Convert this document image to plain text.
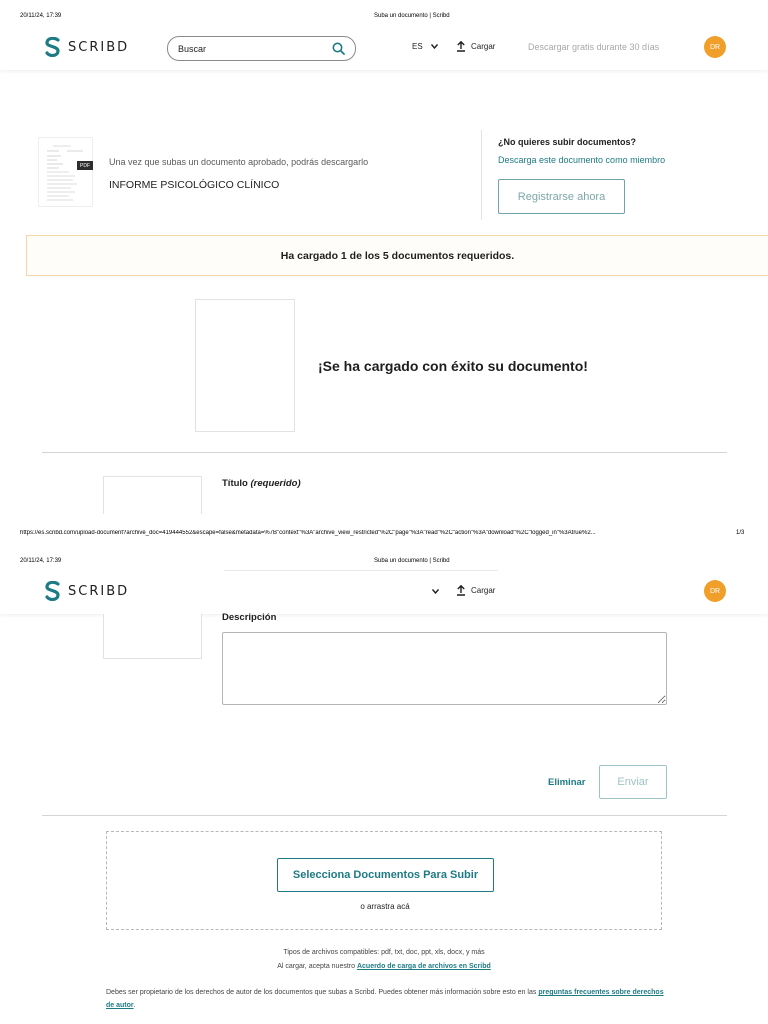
20/11/24, 17:39	Suba un documento | Scribd
SCRIBD	Buscar	ES	Cargar	Descargar gratis durante 30 días	DR
PDF	Una vez que subas un documento aprobado, podrás descargarlo
INFORME PSICOLÓGICO CLÍNICO
¿No quieres subir documentos?
Descarga este documento como miembro
Registrarse ahora
Ha cargado 1 de los 5 documentos requeridos.
¡Se ha cargado con éxito su documento!
Título (requerido)
https://es.scribd.com/upload-document?archive_doc=419444552&escape=false&metadata=%7B"context"%3A"archive_view_restricted"%2C"page"%3A"read"%2C"action"%3A"download"%2C"logged_in"%3Atrue%2...	1/3
20/11/24, 17:39	Suba un documento | Scribd
SCRIBD	Cargar	DR
Descripción
Eliminar	Enviar
Selecciona Documentos Para Subir
o arrastra acá
Tipos de archivos compatibles: pdf, txt, doc, ppt, xls, docx, y más
Al cargar, acepta nuestro Acuerdo de carga de archivos en Scribd
Debes ser propietario de los derechos de autor de los documentos que subas a Scribd. Puedes obtener más información sobre esto en las preguntas frecuentes sobre derechos de autor.
